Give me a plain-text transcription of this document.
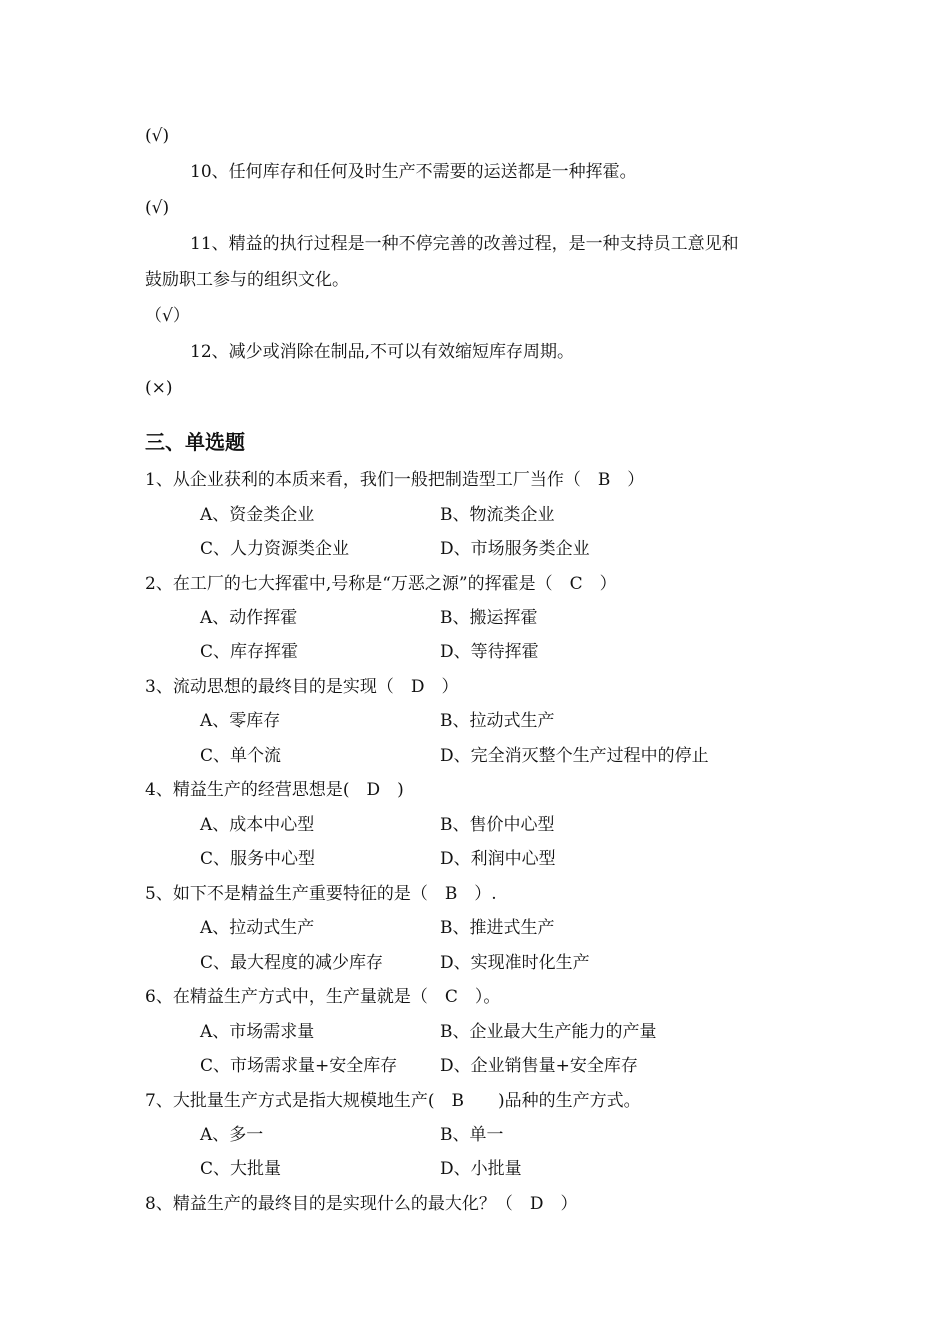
(√)
10、任何库存和任何及时生产不需要的运送都是一种挥霍。
(√)
11、精益的执行过程是一种不停完善的改善过程，是一种支持员工意见和
鼓励职工参与的组织文化。
（√）
12、减少或消除在制品,不可以有效缩短库存周期。
(×)
三、单选题
1、从企业获利的本质来看，我们一般把制造型工厂当作（　B　）
A、资金类企业	B、物流类企业
C、人力资源类企业	D、市场服务类企业
2、在工厂的七大挥霍中,号称是“万恶之源”的挥霍是（　C　）
A、动作挥霍	B、搬运挥霍
C、库存挥霍	D、等待挥霍
3、流动思想的最终目的是实现（　D　）
A、零库存	B、拉动式生产
C、单个流	D、完全消灭整个生产过程中的停止
4、精益生产的经营思想是(　D　)
A、成本中心型	B、售价中心型
C、服务中心型	D、利润中心型
5、如下不是精益生产重要特征的是（　B　）.
A、拉动式生产	B、推进式生产
C、最大程度的减少库存	D、实现准时化生产
6、在精益生产方式中，生产量就是（　C　）。
A、市场需求量	B、企业最大生产能力的产量
C、市场需求量+安全库存	D、企业销售量+安全库存
7、大批量生产方式是指大规模地生产(　B　　)品种的生产方式。
A、多一	B、单一
C、大批量	D、小批量
8、精益生产的最终目的是实现什么的最大化？（　D　）
